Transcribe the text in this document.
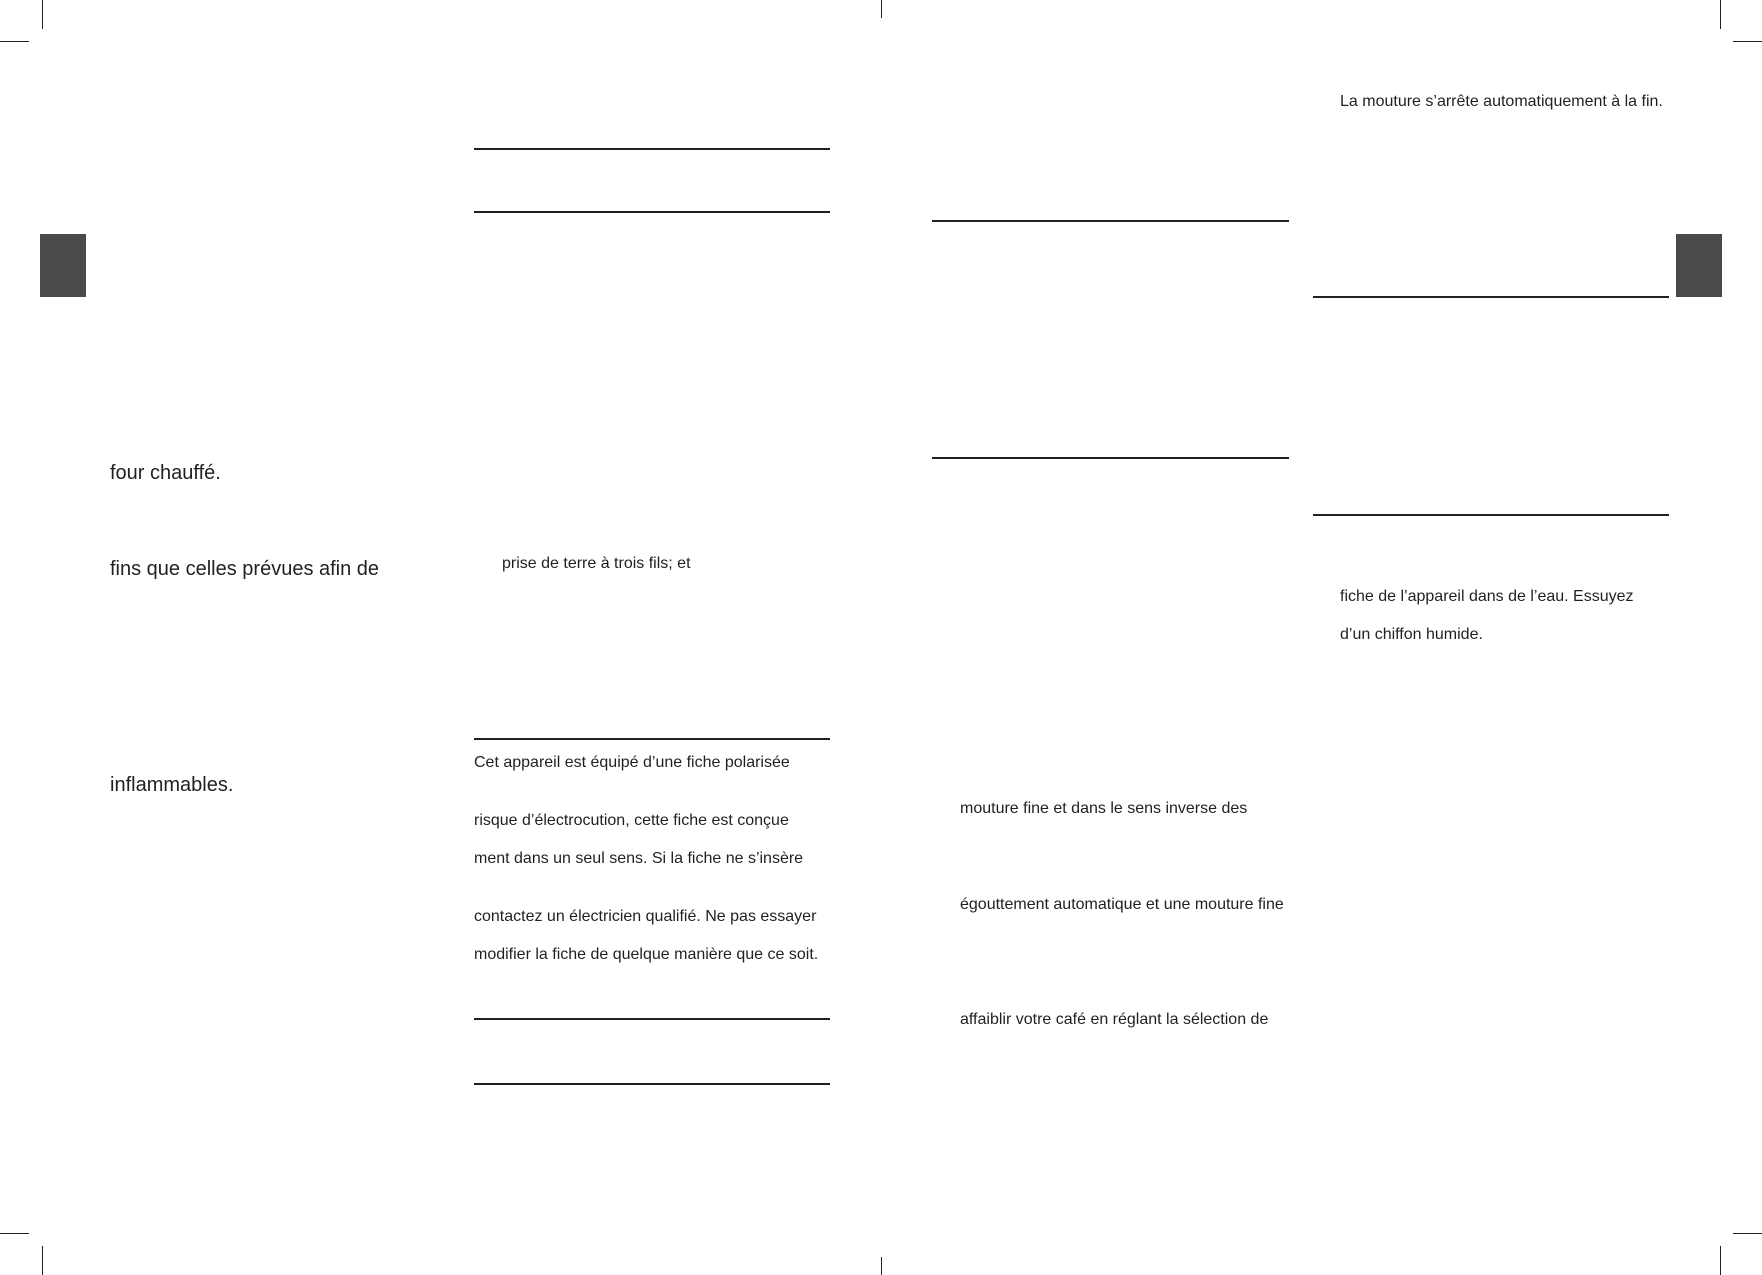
four chauffé.
fins que celles prévues afin de
inflammables.
prise de terre à trois fils; et
Cet appareil est équipé d’une fiche polarisée
risque d’électrocution, cette fiche est conçue
ment dans un seul sens. Si la fiche ne s’insère
contactez un électricien qualifié. Ne pas essayer
modifier la fiche de quelque manière que ce soit.
mouture fine et dans le sens inverse des
égouttement automatique et une mouture fine
affaiblir votre café en réglant la sélection de
La mouture s’arrête automatiquement à la fin.
fiche de l’appareil dans de l’eau. Essuyez
d’un chiffon humide.
